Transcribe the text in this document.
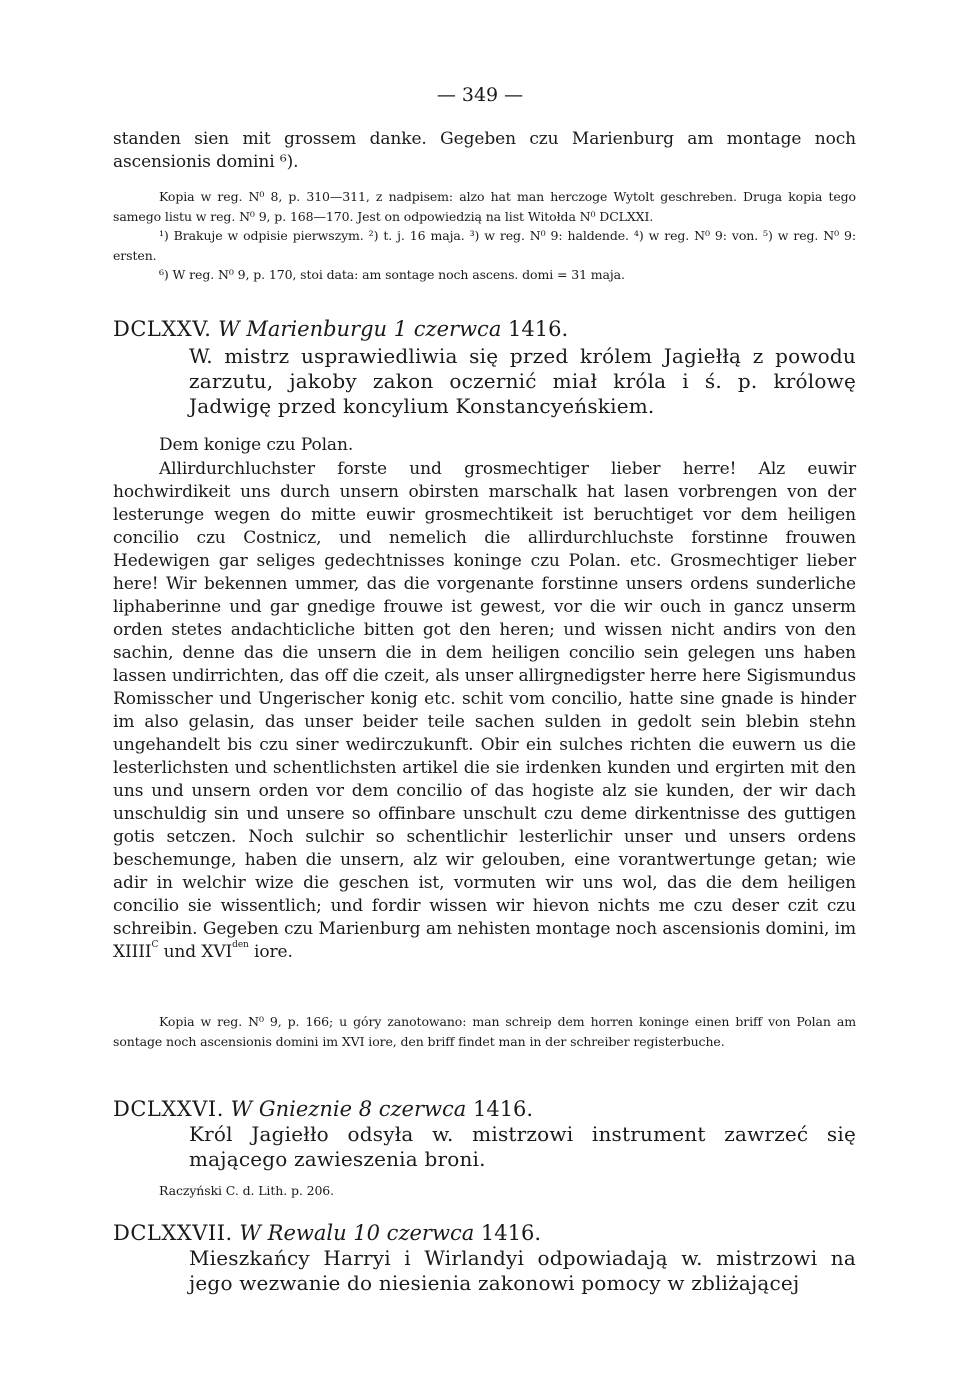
— 349 —
standen sien mit grossem danke. Gegeben czu Marienburg am montage noch ascensionis domini ⁶).
Kopia w reg. N⁰ 8, p. 310—311, z nadpisem: alzo hat man herczoge Wytolt geschreben. Druga kopia tego samego listu w reg. N⁰ 9, p. 168—170. Jest on odpowiedzią na list Witołda N⁰ DCLXXI.
¹) Brakuje w odpisie pierwszym. ²) t. j. 16 maja. ³) w reg. N⁰ 9: haldende. ⁴) w reg. N⁰ 9: von. ⁵) w reg. N⁰ 9: ersten.
⁶) W reg. N⁰ 9, p. 170, stoi data: am sontage noch ascens. domi = 31 maja.
DCLXXV. W Marienburgu 1 czerwca 1416.
W. mistrz usprawiedliwia się przed królem Jagiełłą z powodu zarzutu, jakoby zakon oczernić miał króla i ś. p. królowę Jadwigę przed koncylium Konstancyeńskiem.
Dem konige czu Polan.
Allirdurchluchster forste und grosmechtiger lieber herre! Alz euwir hochwirdikeit uns durch unsern obirsten marschalk hat lasen vorbrengen von der lesterunge wegen do mitte euwir grosmechtikeit ist beruchtiget vor dem heiligen concilio czu Costnicz, und nemelich die allirdurchluchste forstinne frouwen Hedewigen gar seliges gedechtnisses koninge czu Polan. etc. Grosmechtiger lieber here! Wir bekennen ummer, das die vorgenante forstinne unsers ordens sunderliche liphaberinne und gar gnedige frouwe ist gewest, vor die wir ouch in gancz unserm orden stetes andachticliche bitten got den heren; und wissen nicht andirs von den sachin, denne das die unsern die in dem heiligen concilio sein gelegen uns haben lassen undirrichten, das off die czeit, als unser allirgnedigster herre here Sigismundus Romisscher und Ungerischer konig etc. schit vom concilio, hatte sine gnade is hinder im also gelasin, das unser beider teile sachen sulden in gedolt sein blebin stehn ungehandelt bis czu siner wedirczukunft. Obir ein sulches richten die euwern us die lesterlichsten und schentlichsten artikel die sie irdenken kunden und ergirten mit den uns und unsern orden vor dem concilio of das hogiste alz sie kunden, der wir dach unschuldig sin und unsere so offinbare unschult czu deme dirkentnisse des guttigen gotis setczen. Noch sulchir so schentlichir lesterlichir unser und unsers ordens beschemunge, haben die unsern, alz wir gelouben, eine vorantwertunge getan; wie adir in welchir wize die geschen ist, vormuten wir uns wol, das die dem heiligen concilio sie wissentlich; und fordir wissen wir hievon nichts me czu deser czit czu schreibin. Gegeben czu Marienburg am nehisten montage noch ascensionis domini, im $XIIII^C$ und $XVI^{den}$ iore.
Kopia w reg. N⁰ 9, p. 166; u góry zanotowano: man schreip dem horren koninge einen briff von Polan am sontage noch ascensionis domini im XVI iore, den briff findet man in der schreiber registerbuche.
DCLXXVI. W Gnieznie 8 czerwca 1416.
Król Jagiełło odsyła w. mistrzowi instrument zawrzeć się mającego zawieszenia broni.
Raczyński C. d. Lith. p. 206.
DCLXXVII. W Rewalu 10 czerwca 1416.
Mieszkańcy Harryi i Wirlandyi odpowiadają w. mistrzowi na jego wezwanie do niesienia zakonowi pomocy w zbliżającej
